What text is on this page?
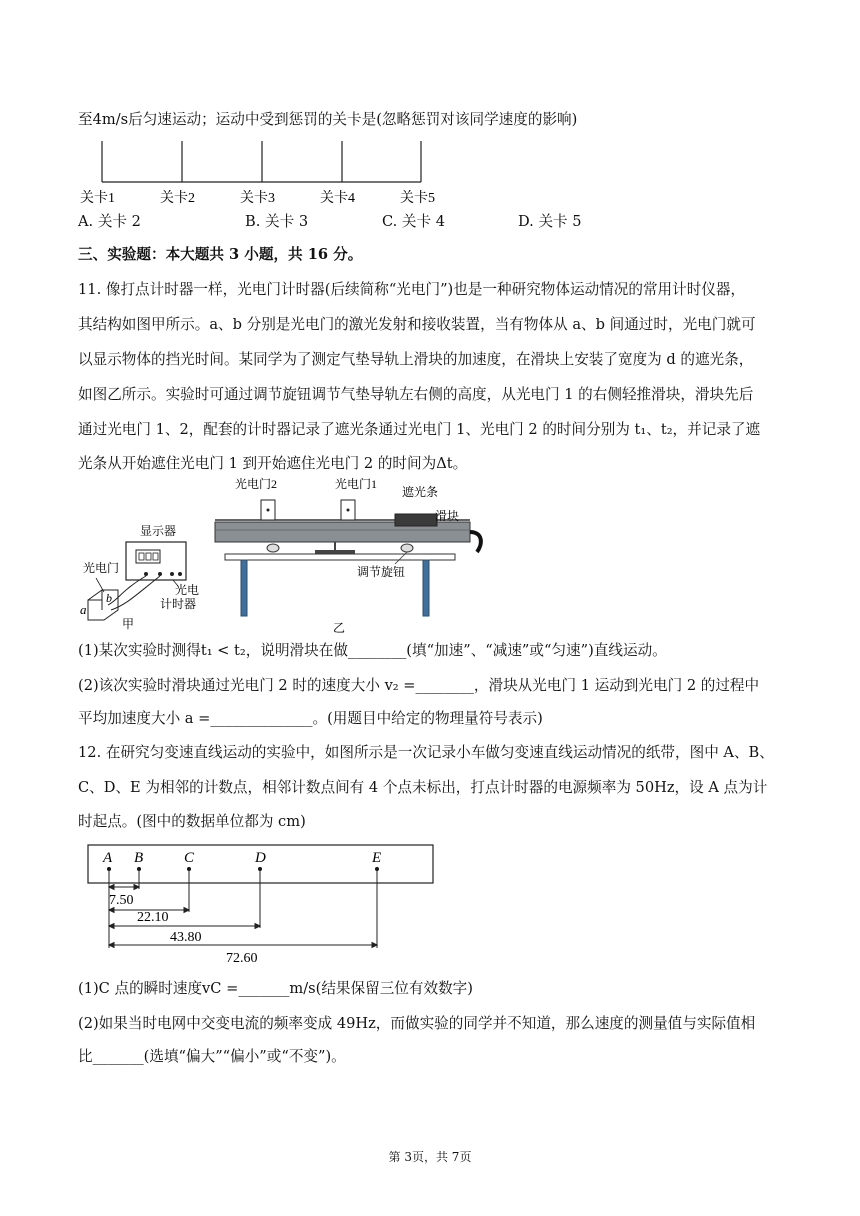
至4m/s后匀速运动；运动中受到惩罚的关卡是(忽略惩罚对该同学速度的影响)
关卡1	关卡2	关卡3	关卡4	关卡5
A. 关卡 2	B. 关卡 3	C. 关卡 4	D. 关卡 5
三、实验题：本大题共 3 小题，共 16 分。
11. 像打点计时器一样，光电门计时器(后续简称“光电门”)也是一种研究物体运动情况的常用计时仪器，
其结构如图甲所示。a、b 分别是光电门的激光发射和接收装置，当有物体从 a、b 间通过时，光电门就可
以显示物体的挡光时间。某同学为了测定气垫导轨上滑块的加速度，在滑块上安装了宽度为 d 的遮光条，
如图乙所示。实验时可通过调节旋钮调节气垫导轨左右侧的高度，从光电门 1 的右侧轻推滑块，滑块先后
通过光电门 1、2，配套的计时器记录了遮光条通过光电门 1、光电门 2 的时间分别为 t₁、t₂，并记录了遮
光条从开始遮住光电门 1 到开始遮住光电门 2 的时间为Δt。
显示器
光电门
光电
计时器
a
b
甲
光电门2	光电门1
遮光条
滑块
调节旋钮
乙
(1)某次实验时测得t₁ < t₂，说明滑块在做________(填“加速”、“减速”或“匀速”)直线运动。
(2)该次实验时滑块通过光电门 2 时的速度大小 v₂ =________，滑块从光电门 1 运动到光电门 2 的过程中
平均加速度大小 a =______________。(用题目中给定的物理量符号表示)
12. 在研究匀变速直线运动的实验中，如图所示是一次记录小车做匀变速直线运动情况的纸带，图中 A、B、
C、D、E 为相邻的计数点，相邻计数点间有 4 个点未标出，打点计时器的电源频率为 50Hz，设 A 点为计
时起点。(图中的数据单位都为 cm)
A B	C	D	E
7.50
22.10
43.80
72.60
(1)C 点的瞬时速度vC =_______m/s(结果保留三位有效数字)
(2)如果当时电网中交变电流的频率变成 49Hz，而做实验的同学并不知道，那么速度的测量值与实际值相
比_______(选填“偏大”“偏小”或“不变”)。
第 3页，共 7页
